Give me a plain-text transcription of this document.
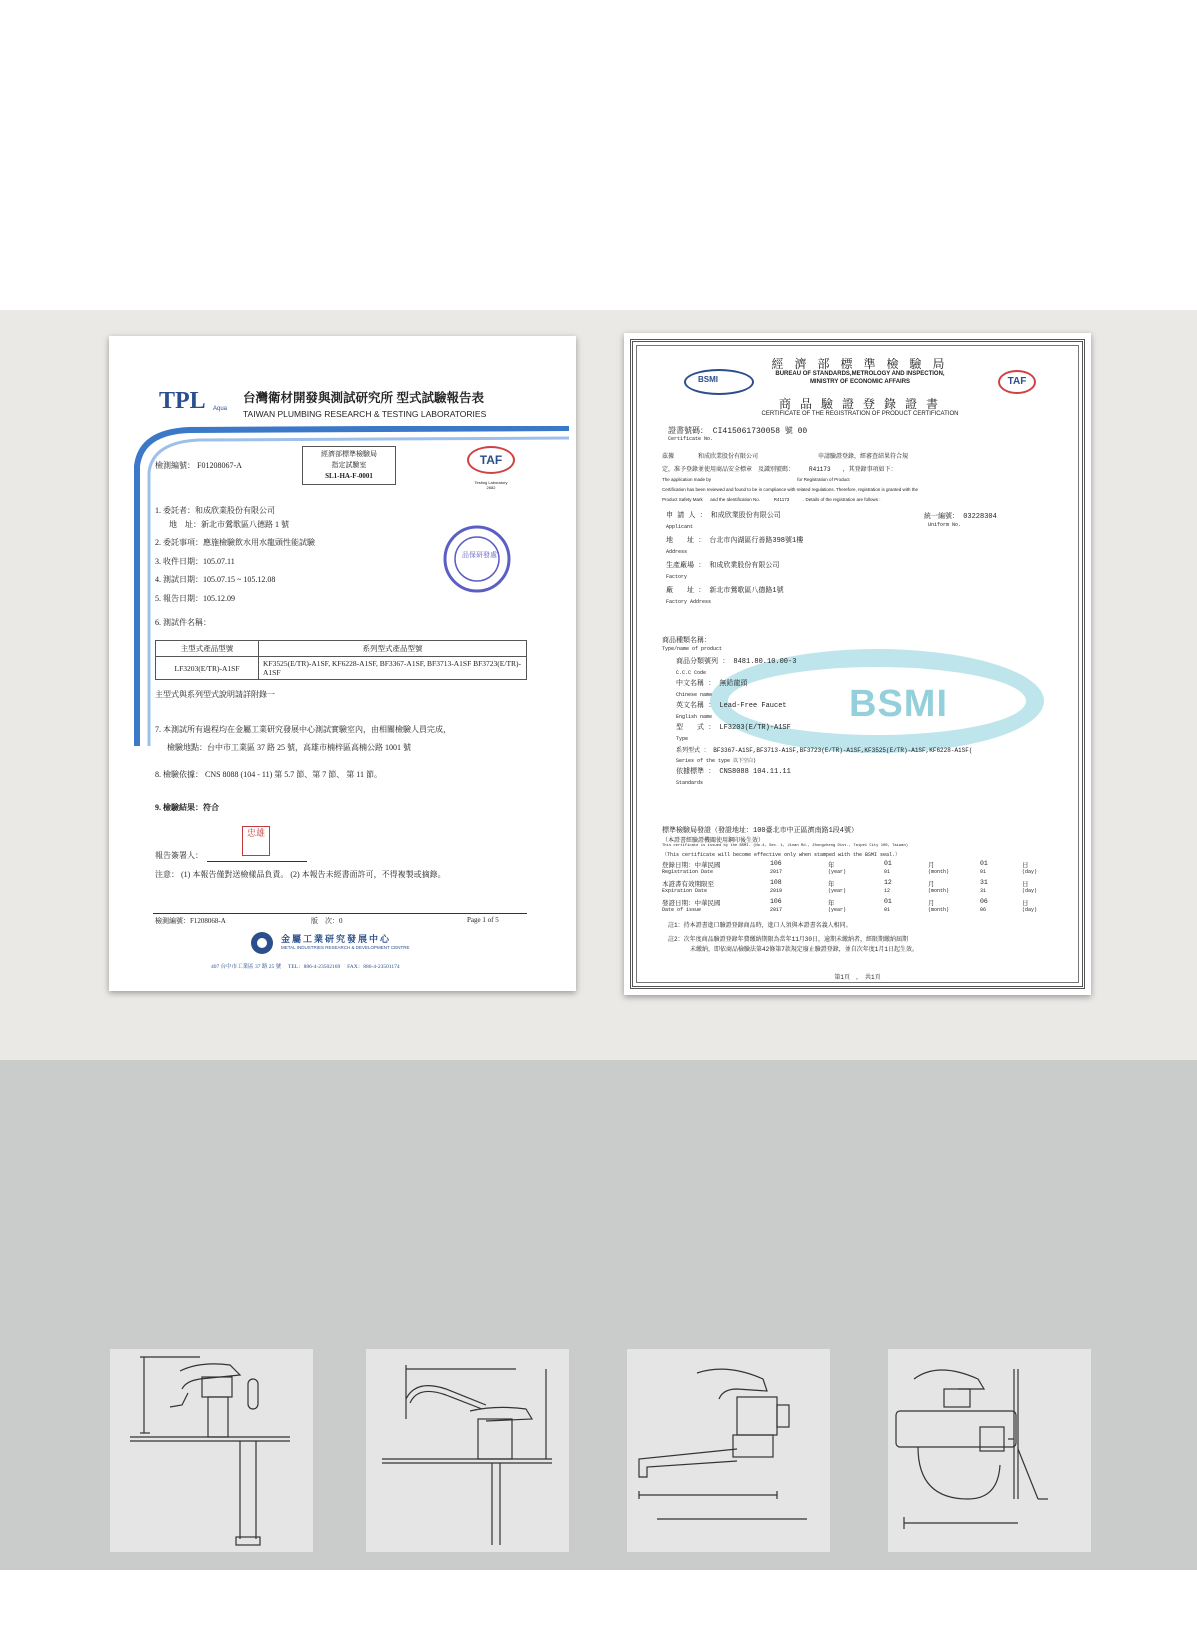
TPL Aqua
台灣衛材開發與測試研究所 型式試驗報告表
TAIWAN PLUMBING RESEARCH & TESTING LABORATORIES
檢測編號： F01208067-A
經濟部標準檢驗局
指定試驗室
SL1-HA-F-0001
TAF
Testing Laboratory
2682
1. 委託者：和成欣業股份有限公司
地　址：新北市鶯歌區八德路 1 號
2. 委託事項：應施檢驗飲水用水龍頭性能試驗
3. 收件日期：105.07.11
4. 測試日期：105.07.15 ~ 105.12.08
5. 報告日期：105.12.09
6. 測試件名稱：
品保研發處
主型式產品型號	系列型式產品型號
LF3203(E/TR)-A1SF	KF3525(E/TR)-A1SF, KF6228-A1SF, BF3367-A1SF, BF3713-A1SF BF3723(E/TR)-A1SF
主型式與系列型式說明請詳附錄一
7. 本測試所有過程均在金屬工業研究發展中心測試實驗室內，由相關檢驗人員完成，
檢驗地點：台中市工業區 37 路 25 號，高雄市楠梓區高楠公路 1001 號
8. 檢驗依據： CNS 8088 (104 - 11) 第 5.7 節、第 7 節、 第 11 節。
9. 檢驗結果：符合
忠雄
報告簽署人：
注意： (1) 本報告僅對送檢樣品負責。 (2) 本報告未經書面許可，不得複製或摘錄。
檢測編號：F1208068-A	版　次：0	Page 1 of 5
金屬工業研究發展中心
METAL INDUSTRIES RESEARCH & DEVELOPMENT CENTRE
407 台中市工業區 37 路 25 號　 TEL：886-4-23502169　 FAX：886-4-23501174
BSMI
BSMI	TAF
經 濟 部 標 準 檢 驗 局
BUREAU OF STANDARDS,METROLOGY AND INSPECTION,
MINISTRY OF ECONOMIC AFFAIRS
商 品 驗 證 登 錄 證 書
CERTIFICATE OF THE REGISTRATION OF PRODUCT CERTIFICATION
證書號碼： CI415061730058 號 00
Certificate No.
茲據　　　　和成欣業股份有限公司　　　　　　　　　　申請驗證登錄，經審查結果符合規
定，准予登錄並使用商品安全標章　及識別號碼：　　　R41173　　，其登錄事項如下：
The application made by                                                                     for Registration of Product
Certification has been reviewed and found to be in compliance with related regulations. Therefore, registration is granted with the
Product Safety Mark      and the Identification No.           R41173           . Details of the registration are follows :
申 請 人 ： 和成欣業股份有限公司
Applicant
地　　址 ： 台北市內湖區行善路398號1樓
Address
生產廠場 ： 和成欣業股份有限公司
Factory
廠　　址 ： 新北市鶯歌區八德路1號
Factory Address
統一編號： 03228304
Uniform No.
商品種類名稱：
Type/name of product
商品分類號列 ： 8481.80.10.00-3
C.C.C Code
中文名稱 ： 無鉛龍頭
Chinese name
英文名稱 ： Lead-Free Faucet
English name
型　　式 ： LF3203(E/TR)-A1SF
Type
系列型式 ： BF3367-A1SF,BF3713-A1SF,BF3723(E/TR)-A1SF,KF3525(E/TR)-A1SF,KF6228-A1SF(
Series of the type 以下空白)
依據標準 ： CNS8088 104.11.11
Standards
標準檢驗局發證（發證地址：100臺北市中正區濟南路1段4號）
（本證書經驗證機關使用鋼印後生效）
This certificate is issued by the BSMI. (No.4, Sec. 1, Jinan Rd., Zhongzheng Dist., Taipei City 100, Taiwan)
（This certificate will become effective only when stamped with the BSMI seal.）
登錄日期：中華民國	106	年	01	月	01	日
Registration Date	2017	(year)	01	(month)	01	(day)
本證書有效期限至	108	年	12	月	31	日
Expiration Date	2019	(year)	12	(month)	31	(day)
發證日期：中華民國	106	年	01	月	06	日
Date of issue	2017	(year)	01	(month)	06	(day)
註1：持本證書進口驗證登錄商品時，進口人須與本證書名義人相同。
註2：次年度商品驗證登錄年費繳納期限為當年11月30日，逾期未繳納者，經限期繳納屆期
未繳納，即依商品檢驗法第42條第7款規定廢止驗證登錄，並自次年度1月1日起生效。
第1頁　，　共1頁
